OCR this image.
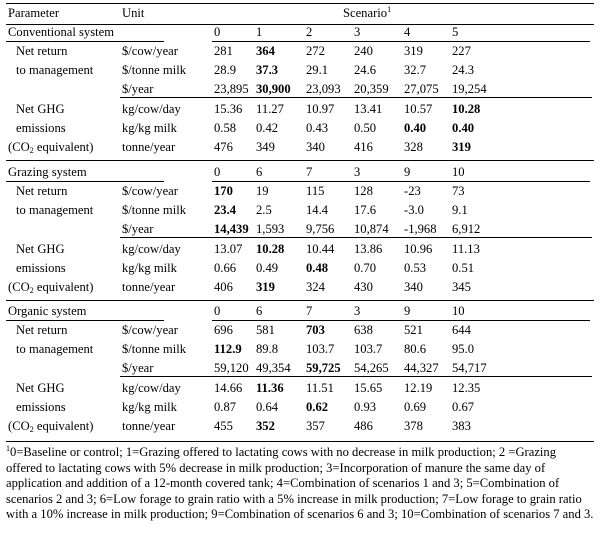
Parameter	Unit	Scenario$^1$
Conventional system	0	1	2	3	4	5
Net return	$/cow/year	281 364 272 240 319 227
to management $/tonne milk 28.9 37.3 29.1 24.6 32.7 24.3
$/year	23,895 30,900 23,093 20,359 27,075 19,254
Net GHG	kg/cow/day	15.36 11.27 10.97 13.41 10.57 10.28
emissions	kg/kg milk	0.58 0.42 0.43 0.50 0.40 0.40
($CO_2$ equivalent) tonne/year	476 349 340 416 328 319
Grazing system	0	6	7	3	9	10
Net return	$/cow/year	170 19	115 128 -23 73
to management $/tonne milk 23.4 2.5	14.4 17.6 -3.0 9.1
$/year	14,439 1,593 9,756 10,874 -1,968 6,912
Net GHG	kg/cow/day	13.07 10.28 10.44 13.86 10.96 11.13
emissions	kg/kg milk	0.66 0.49 0.48 0.70 0.53 0.51
($CO_2$ equivalent) tonne/year	406 319 324 430 340 345
Organic system	0	6	7	3	9	10
Net return	$/cow/year	696 581 703 638 521 644
to management $/tonne milk 112.9 89.8 103.7 103.7 80.6 95.0
$/year	59,120 49,354 59,725 54,265 44,327 54,717
Net GHG	kg/cow/day	14.66 11.36 11.51 15.65 12.19 12.35
emissions	kg/kg milk	0.87 0.64 0.62 0.93 0.69 0.67
($CO_2$ equivalent) tonne/year	455 352 357 486 378 383
$^1$0=Baseline or control; 1=Grazing offered to lactating cows with no decrease in milk production; 2 =Grazing offered to lactating cows with 5% decrease in milk production; 3=Incorporation of manure the same day of application and addition of a 12-month covered tank; 4=Combination of scenarios 1 and 3; 5=Combination of scenarios 2 and 3; 6=Low forage to grain ratio with a 5% increase in milk production; 7=Low forage to grain ratio with a 10% increase in milk production; 9=Combination of scenarios 6 and 3; 10=Combination of scenarios 7 and 3.
